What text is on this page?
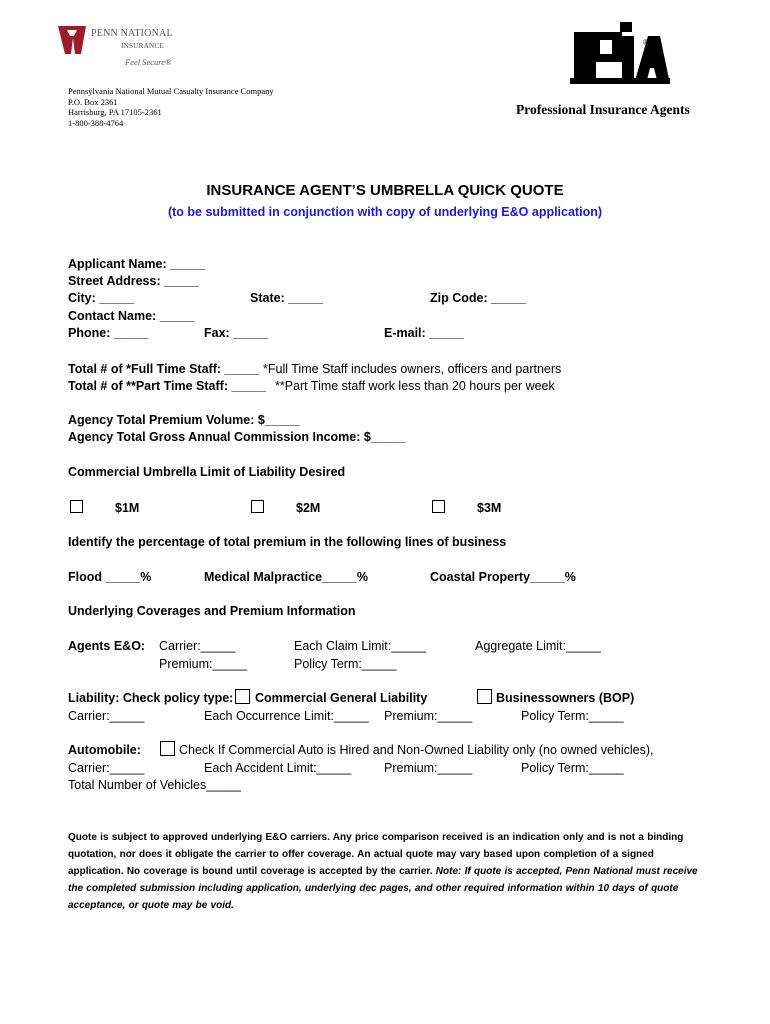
PENN NATIONAL
INSURANCE
Feel Secure®
Pennsylvania National Mutual Casualty Insurance Company
P.O. Box 2361
Harrisburg, PA 17105-2361
1-800-388-4764
®
Professional Insurance Agents
INSURANCE AGENT’S UMBRELLA QUICK QUOTE
(to be submitted in conjunction with copy of underlying E&O application)
Applicant Name: _____
Street Address: _____
City: _____	State: _____	Zip Code: _____
Contact Name: _____
Phone: _____	Fax: _____	E-mail: _____
Total # of *Full Time Staff: _____ *Full Time Staff includes owners, officers and partners
Total # of **Part Time Staff: _____ **Part Time staff work less than 20 hours per week
Agency Total Premium Volume: $_____
Agency Total Gross Annual Commission Income: $_____
Commercial Umbrella Limit of Liability Desired
$1M	$2M	$3M
Identify the percentage of total premium in the following lines of business
Flood _____%	Medical Malpractice_____%	Coastal Property_____%
Underlying Coverages and Premium Information
Agents E&O: Carrier:_____	Each Claim Limit:_____	Aggregate Limit:_____
Premium:_____	Policy Term:_____
Liability: Check policy type: Commercial General Liability	Businessowners (BOP)
Carrier:_____	Each Occurrence Limit:_____ Premium:_____	Policy Term:_____
Automobile:	Check If Commercial Auto is Hired and Non-Owned Liability only (no owned vehicles),
Carrier:_____	Each Accident Limit:_____	Premium:_____	Policy Term:_____
Total Number of Vehicles_____
Quote is subject to approved underlying E&O carriers. Any price comparison received is an indication only and is not a binding quotation, nor does it obligate the carrier to offer coverage. An actual quote may vary based upon completion of a signed application. No coverage is bound until coverage is accepted by the carrier. Note: If quote is accepted, Penn National must receive the completed submission including application, underlying dec pages, and other required information within 10 days of quote acceptance, or quote may be void.
